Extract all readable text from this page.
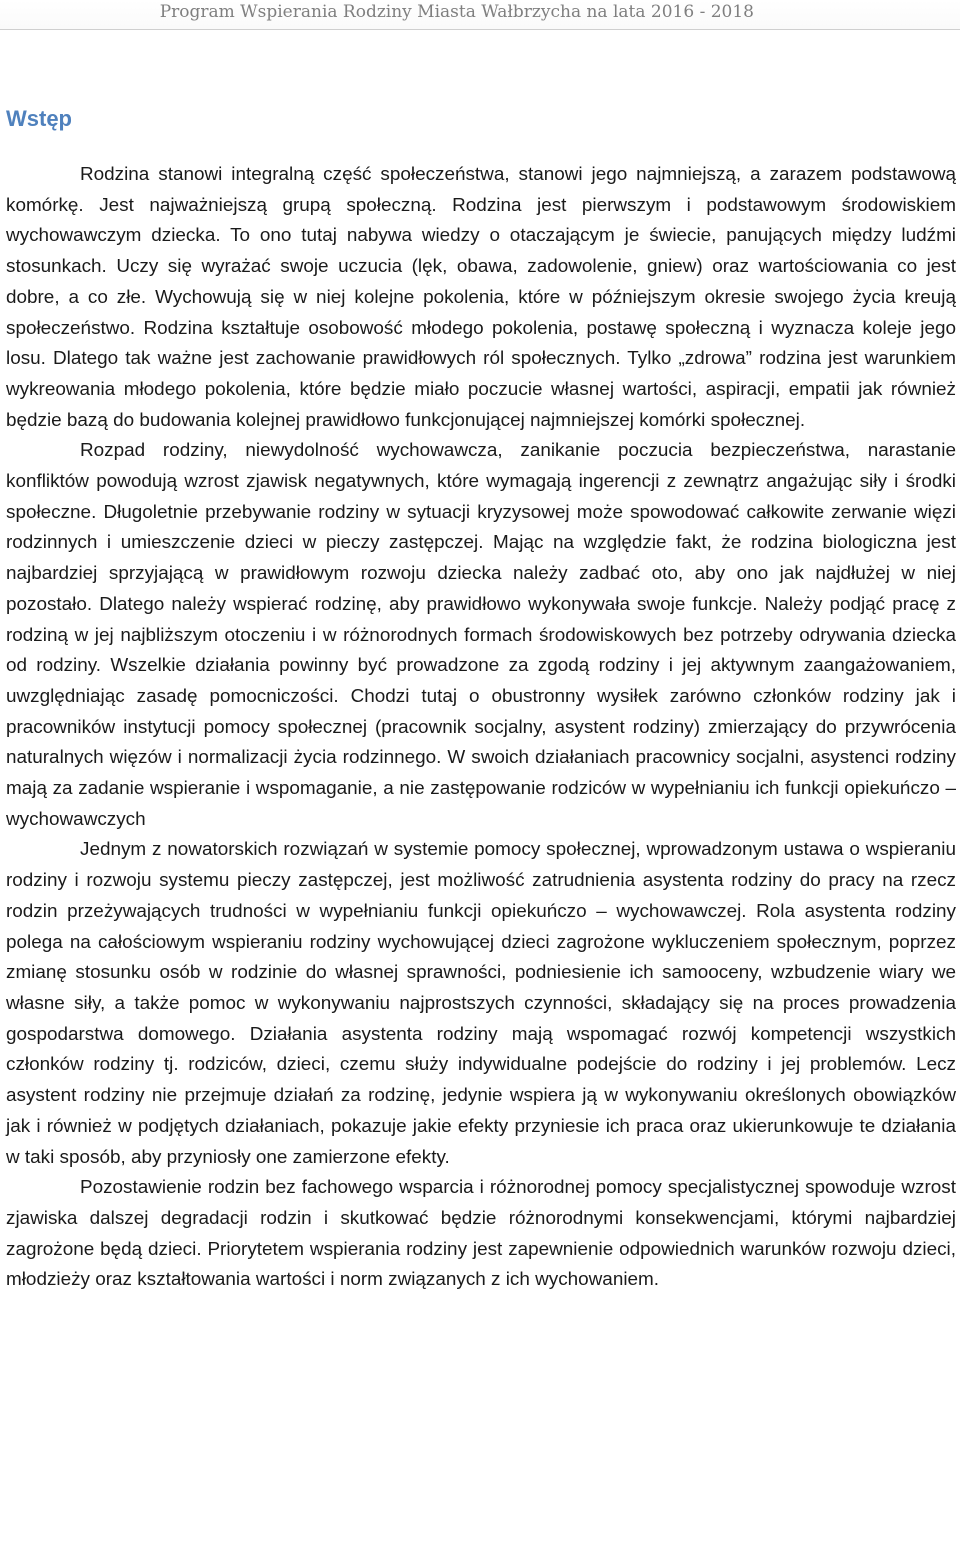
Program Wspierania Rodziny Miasta Wałbrzycha na lata 2016 - 2018
Wstęp

Rodzina stanowi integralną część społeczeństwa, stanowi jego najmniejszą, a zarazem podstawową komórkę. Jest najważniejszą grupą społeczną. Rodzina jest pierwszym i podstawowym środowiskiem wychowawczym dziecka. To ono tutaj nabywa wiedzy o otaczającym je świecie, panujących między ludźmi stosunkach. Uczy się wyrażać swoje uczucia (lęk, obawa, zadowolenie, gniew) oraz wartościowania co jest dobre, a co złe. Wychowują się w niej kolejne pokolenia, które w późniejszym okresie swojego życia kreują społeczeństwo. Rodzina kształtuje osobowość młodego pokolenia, postawę społeczną i wyznacza koleje jego losu. Dlatego tak ważne jest zachowanie prawidłowych ról społecznych. Tylko „zdrowa” rodzina jest warunkiem wykreowania młodego pokolenia, które będzie miało poczucie własnej wartości, aspiracji, empatii jak również będzie bazą do budowania kolejnej prawidłowo funkcjonującej najmniejszej komórki społecznej.

Rozpad rodziny, niewydolność wychowawcza, zanikanie poczucia bezpieczeństwa, narastanie konfliktów powodują wzrost zjawisk negatywnych, które wymagają ingerencji z zewnątrz angażując siły i środki społeczne. Długoletnie przebywanie rodziny w sytuacji kryzysowej może spowodować całkowite zerwanie więzi rodzinnych i umieszczenie dzieci w pieczy zastępczej. Mając na względzie fakt, że rodzina biologiczna jest najbardziej sprzyjającą w prawidłowym rozwoju dziecka należy zadbać oto, aby ono jak najdłużej w niej pozostało. Dlatego należy wspierać rodzinę, aby prawidłowo wykonywała swoje funkcje. Należy podjąć pracę z rodziną w jej najbliższym otoczeniu i w różnorodnych formach środowiskowych bez potrzeby odrywania dziecka od rodziny. Wszelkie działania powinny być prowadzone za zgodą rodziny i jej aktywnym zaangażowaniem, uwzględniając zasadę pomocniczości. Chodzi tutaj o obustronny wysiłek zarówno członków rodziny jak i pracowników instytucji pomocy społecznej (pracownik socjalny, asystent rodziny) zmierzający do przywrócenia naturalnych więzów i normalizacji życia rodzinnego. W swoich działaniach pracownicy socjalni, asystenci rodziny mają za zadanie wspieranie i wspomaganie, a nie zastępowanie rodziców w wypełnianiu ich funkcji opiekuńczo – wychowawczych

Jednym z nowatorskich rozwiązań w systemie pomocy społecznej, wprowadzonym ustawa o wspieraniu rodziny i rozwoju systemu pieczy zastępczej, jest możliwość zatrudnienia asystenta rodziny do pracy na rzecz rodzin przeżywających trudności w wypełnianiu funkcji opiekuńczo – wychowawczej. Rola asystenta rodziny polega na całościowym wspieraniu rodziny wychowującej dzieci zagrożone wykluczeniem społecznym, poprzez zmianę stosunku osób w rodzinie do własnej sprawności, podniesienie ich samooceny, wzbudzenie wiary we własne siły, a także pomoc w wykonywaniu najprostszych czynności, składający się na proces prowadzenia gospodarstwa domowego. Działania asystenta rodziny mają wspomagać rozwój kompetencji wszystkich członków rodziny tj. rodziców, dzieci, czemu służy indywidualne podejście do rodziny i jej problemów. Lecz asystent rodziny nie przejmuje działań za rodzinę, jedynie wspiera ją w wykonywaniu określonych obowiązków jak i również w podjętych działaniach, pokazuje jakie efekty przyniesie ich praca oraz ukierunkowuje te działania w taki sposób, aby przyniosły one zamierzone efekty.

Pozostawienie rodzin bez fachowego wsparcia i różnorodnej pomocy specjalistycznej spowoduje wzrost zjawiska dalszej degradacji rodzin i skutkować będzie różnorodnymi konsekwencjami, którymi najbardziej zagrożone będą dzieci. Priorytetem wspierania rodziny jest zapewnienie odpowiednich warunków rozwoju dzieci, młodzieży oraz kształtowania wartości i norm związanych z ich wychowaniem.
